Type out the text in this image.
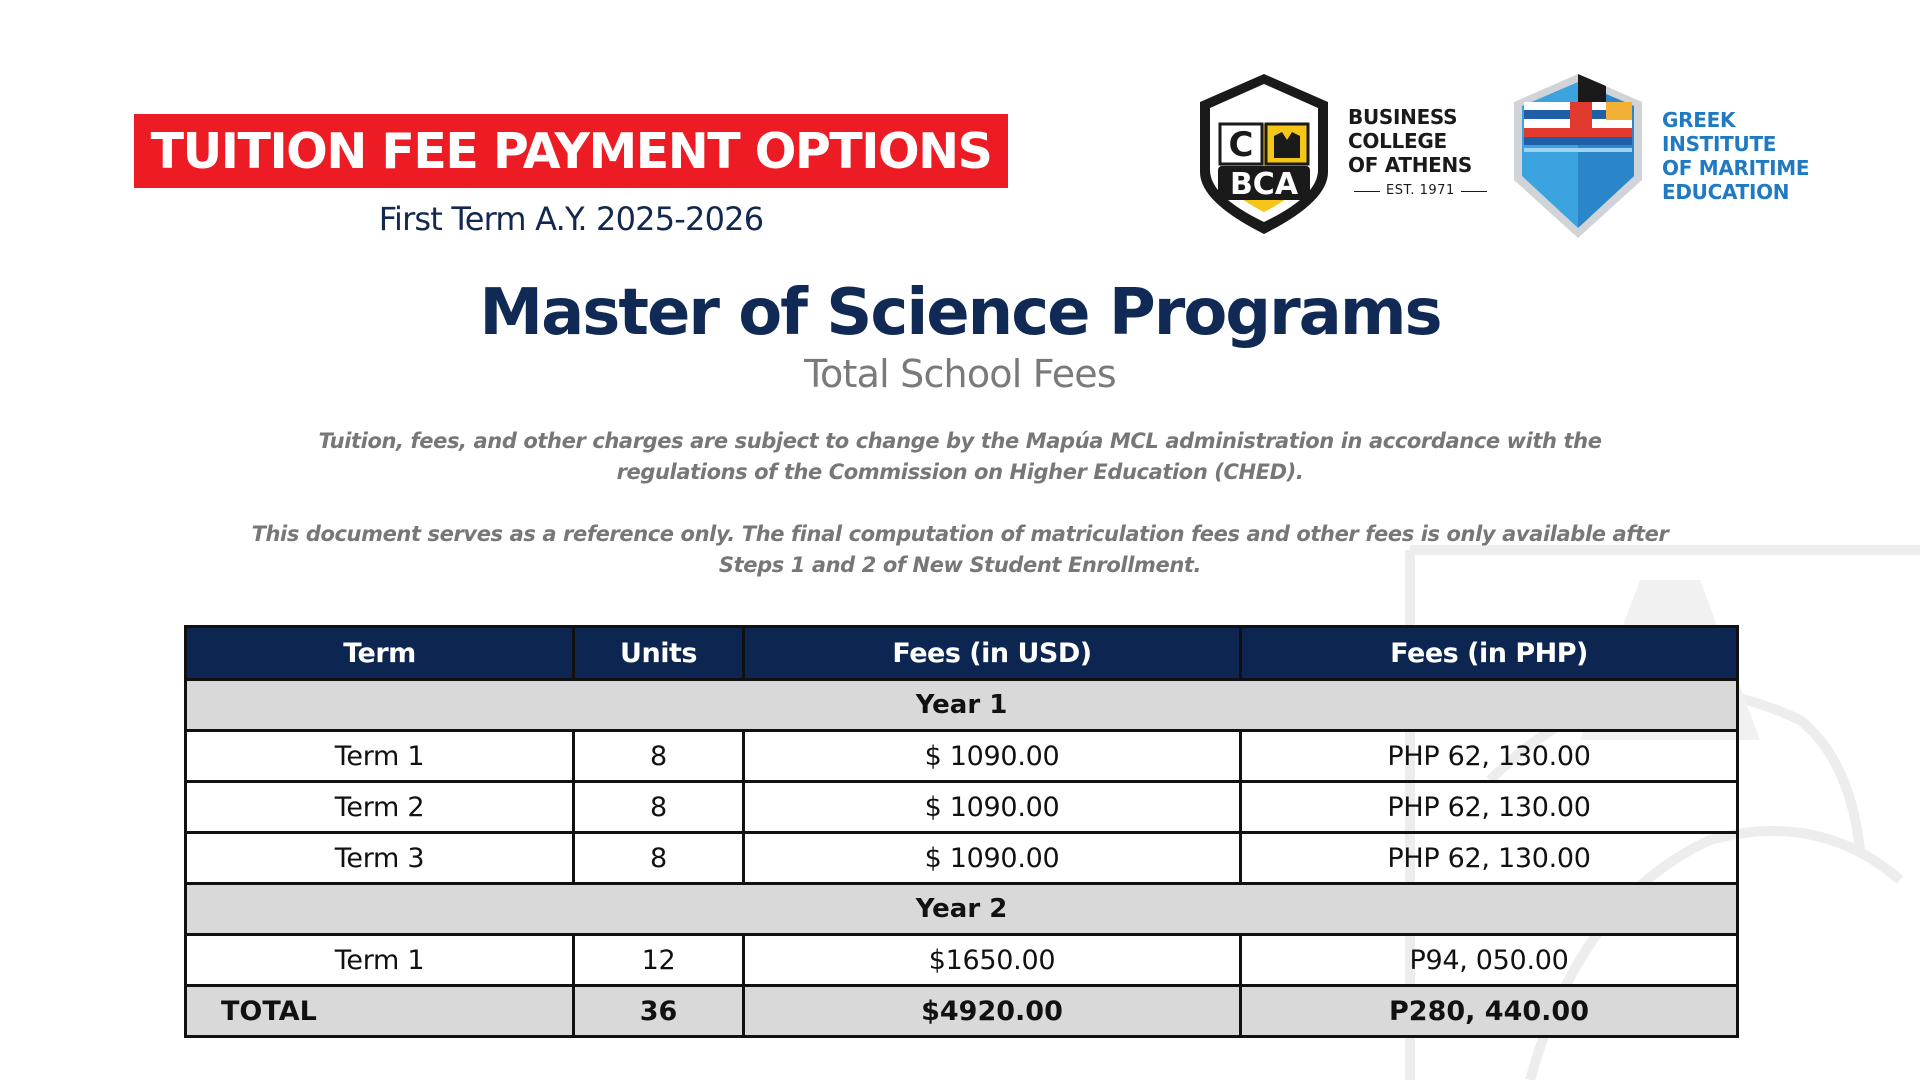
TUITION FEE PAYMENT OPTIONS
First Term A.Y. 2025-2026
C
BCA
BUSINESS
COLLEGE
OF ATHENS
EST. 1971
GREEK
INSTITUTE
OF MARITIME
EDUCATION
Master of Science Programs
Total School Fees
Tuition, fees, and other charges are subject to change by the Mapúa MCL administration in accordance with the
regulations of the Commission on Higher Education (CHED).
This document serves as a reference only. The final computation of matriculation fees and other fees is only available after
Steps 1 and 2 of New Student Enrollment.
Term	Units	Fees (in USD)	Fees (in PHP)
Year 1			
Term 1	8	$ 1090.00	PHP 62, 130.00
Term 2	8	$ 1090.00	PHP 62, 130.00
Term 3	8	$ 1090.00	PHP 62, 130.00
Year 2			
Term 1	12	$1650.00	P94, 050.00
TOTAL	36	$4920.00	P280, 440.00
